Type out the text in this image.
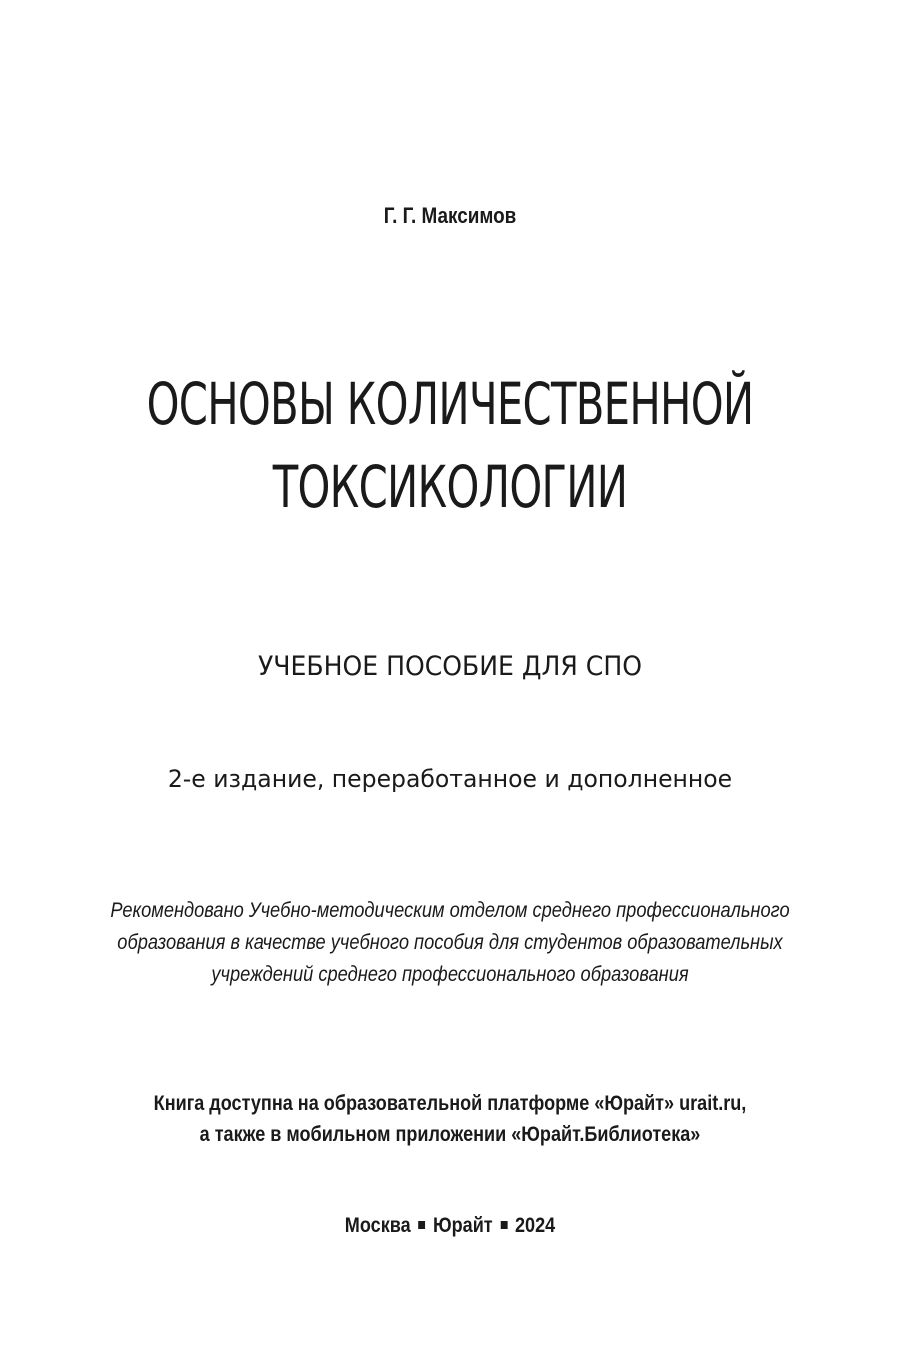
Г. Г. Максимов
ОСНОВЫ КОЛИЧЕСТВЕННОЙ
ТОКСИКОЛОГИИ
УЧЕБНОЕ ПОСОБИЕ ДЛЯ СПО
2-е издание, переработанное и дополненное
Рекомендовано Учебно-методическим отделом среднего профессионального
образования в качестве учебного пособия для студентов образовательных
учреждений среднего профессионального образования
Книга доступна на образовательной платформе «Юрайт» urait.ru,
а также в мобильном приложении «Юрайт.Библиотека»
Москва Юрайт 2024
